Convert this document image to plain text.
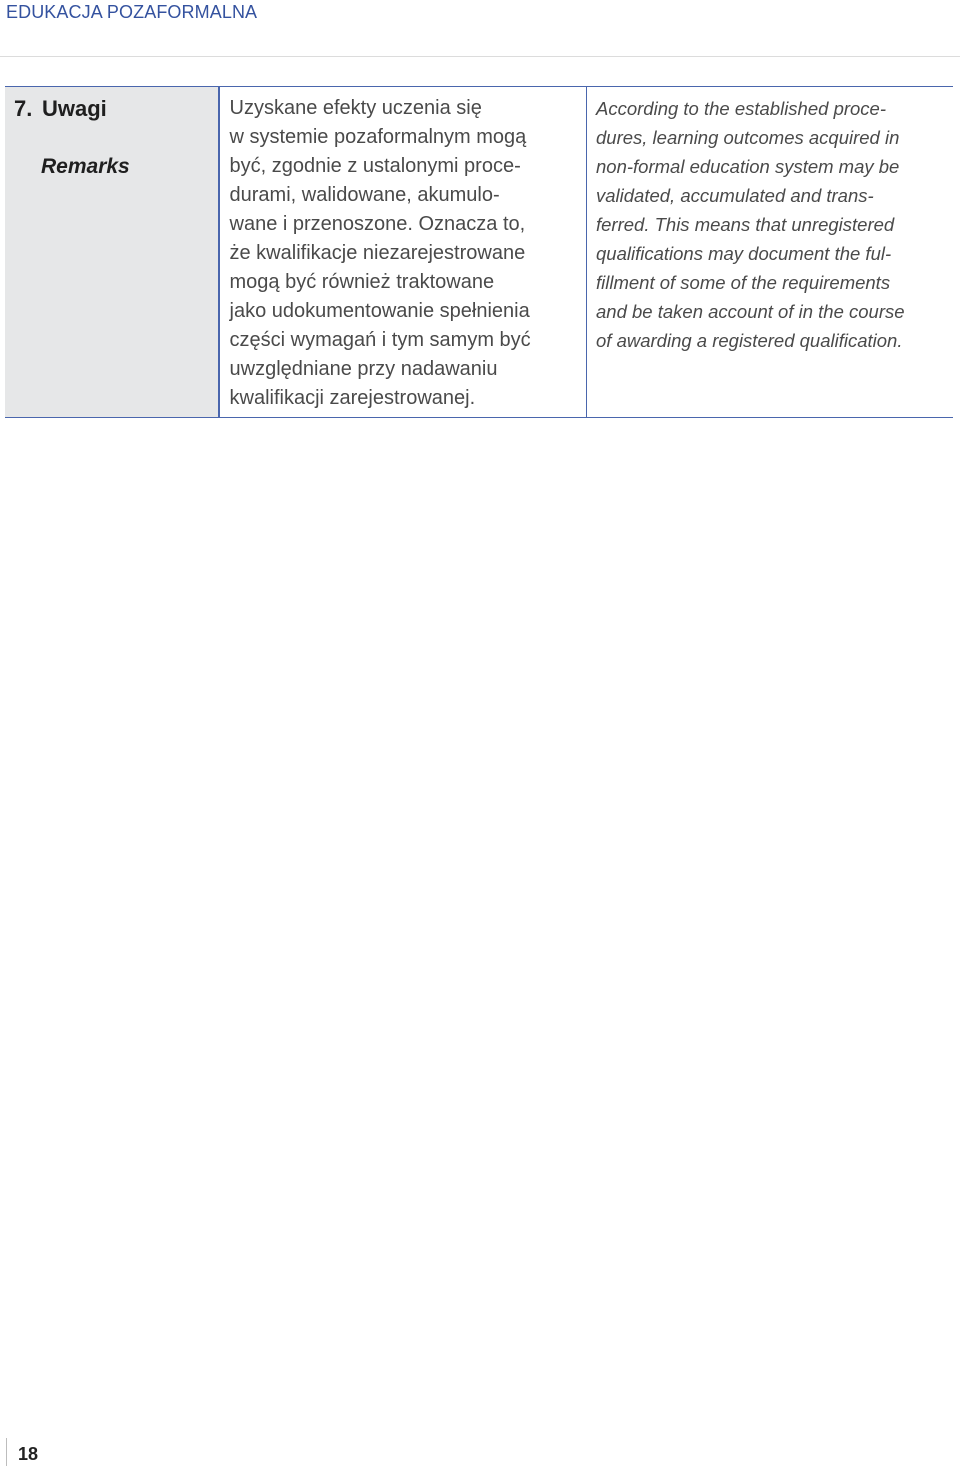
EDUKACJA POZAFORMALNA
7. Uwagi
Remarks
Uzyskane efekty uczenia się
w systemie pozaformalnym mogą
być, zgodnie z ustalonymi proce-
durami, walidowane, akumulo-
wane i przenoszone. Oznacza to,
że kwalifikacje niezarejestrowane
mogą być również traktowane
jako udokumentowanie spełnienia
części wymagań i tym samym być
uwzględniane przy nadawaniu
kwalifikacji zarejestrowanej.
According to the established proce-
dures, learning outcomes acquired in
non-formal education system may be
validated, accumulated and trans-
ferred. This means that unregistered
qualifications may document the ful-
fillment of some of the requirements
and be taken account of in the course
of awarding a registered qualification.
18
